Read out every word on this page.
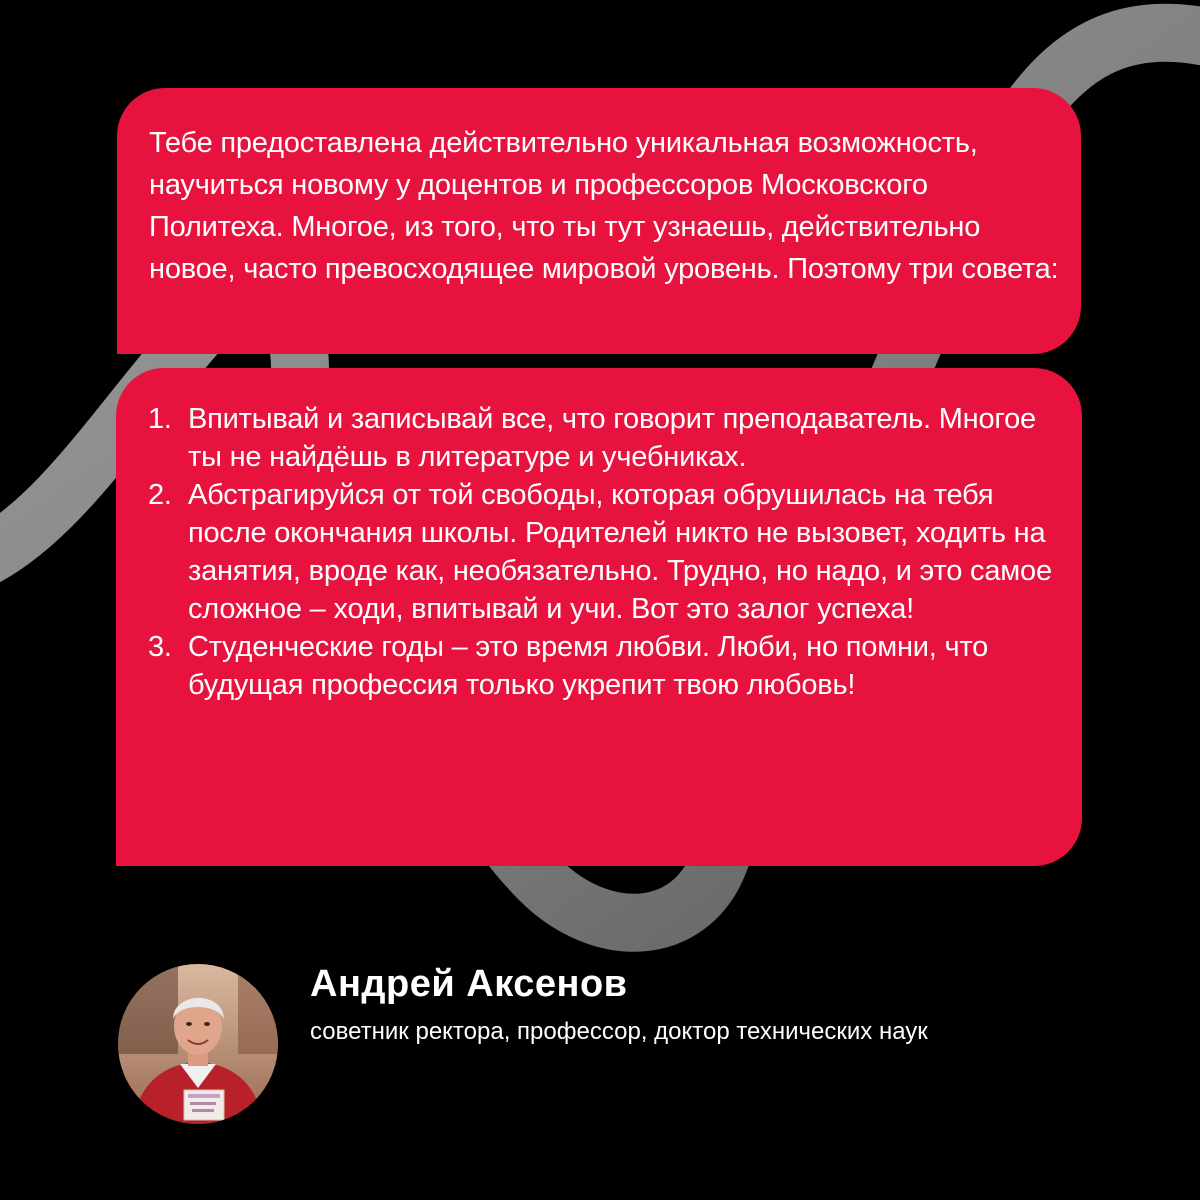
Тебе предоставлена действительно уникальная возможность, научиться новому у доцентов и профессоров Московского Политеха. Многое, из того, что ты тут узнаешь, действительно новое, часто превосходящее мировой уровень. Поэтому три совета:

1. Впитывай и записывай все, что говорит преподаватель. Многое ты не найдёшь в литературе и учебниках.
2. Абстрагируйся от той свободы, которая обрушилась на тебя после окончания школы. Родителей никто не вызовет, ходить на занятия, вроде как, необязательно. Трудно, но надо, и это самое сложное – ходи, впитывай и учи. Вот это залог успеха!
3. Студенческие годы – это время любви. Люби, но помни, что будущая профессия только укрепит твою любовь!
Андрей Аксенов
советник ректора, профессор, доктор технических наук
